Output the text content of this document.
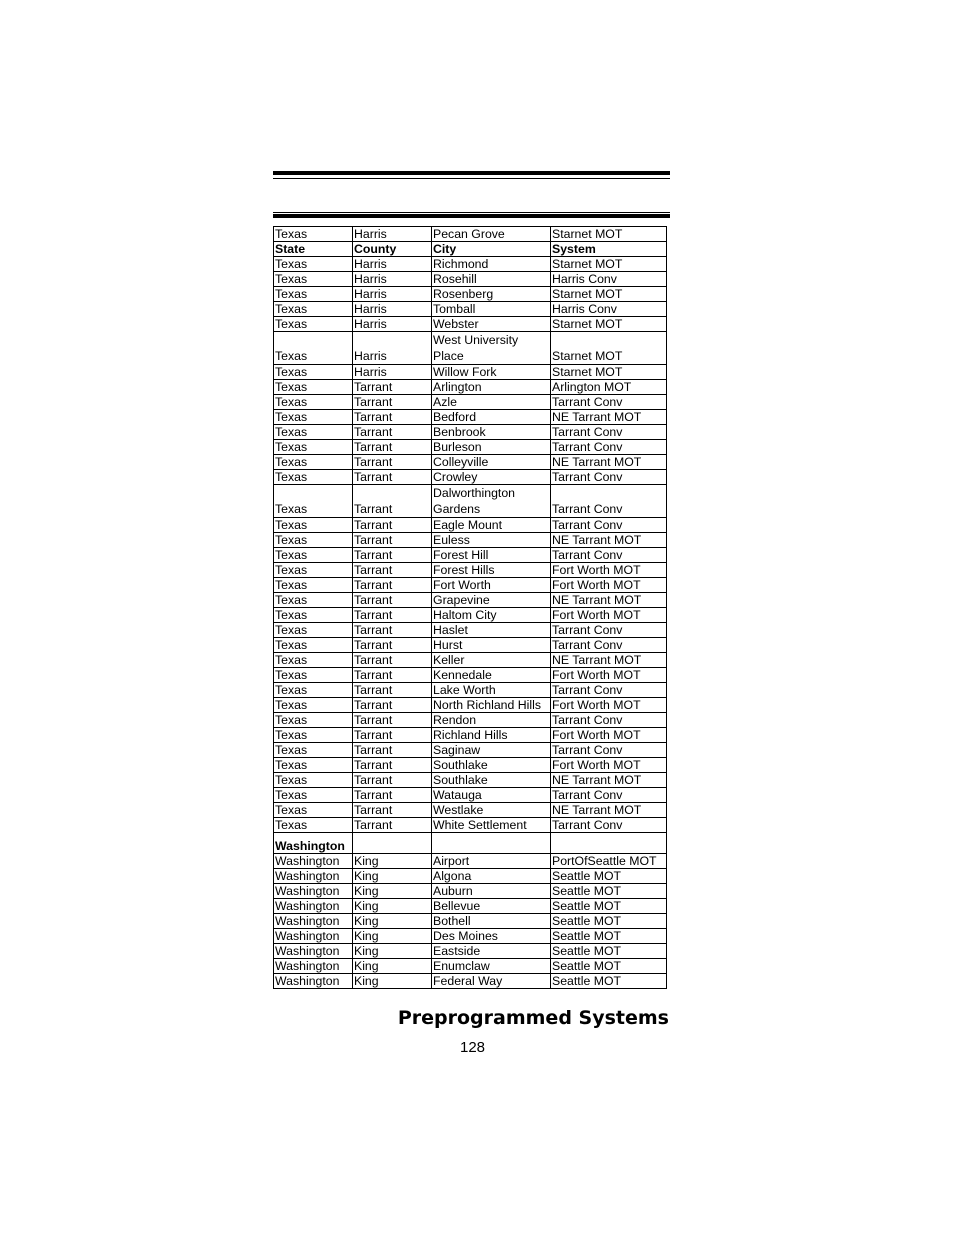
Texas	Harris	Pecan Grove	Starnet MOT
State	County	City	System
Texas	Harris	Richmond	Starnet MOT
Texas	Harris	Rosehill	Harris Conv
Texas	Harris	Rosenberg	Starnet MOT
Texas	Harris	Tomball	Harris Conv
Texas	Harris	Webster	Starnet MOT
Texas	Harris	West University Place	Starnet MOT
Texas	Harris	Willow Fork	Starnet MOT
Texas	Tarrant	Arlington	Arlington MOT
Texas	Tarrant	Azle	Tarrant Conv
Texas	Tarrant	Bedford	NE Tarrant MOT
Texas	Tarrant	Benbrook	Tarrant Conv
Texas	Tarrant	Burleson	Tarrant Conv
Texas	Tarrant	Colleyville	NE Tarrant MOT
Texas	Tarrant	Crowley	Tarrant Conv
Texas	Tarrant	Dalworthington Gardens	Tarrant Conv
Texas	Tarrant	Eagle Mount	Tarrant Conv
Texas	Tarrant	Euless	NE Tarrant MOT
Texas	Tarrant	Forest Hill	Tarrant Conv
Texas	Tarrant	Forest Hills	Fort Worth MOT
Texas	Tarrant	Fort Worth	Fort Worth MOT
Texas	Tarrant	Grapevine	NE Tarrant MOT
Texas	Tarrant	Haltom City	Fort Worth MOT
Texas	Tarrant	Haslet	Tarrant Conv
Texas	Tarrant	Hurst	Tarrant Conv
Texas	Tarrant	Keller	NE Tarrant MOT
Texas	Tarrant	Kennedale	Fort Worth MOT
Texas	Tarrant	Lake Worth	Tarrant Conv
Texas	Tarrant	North Richland Hills	Fort Worth MOT
Texas	Tarrant	Rendon	Tarrant Conv
Texas	Tarrant	Richland Hills	Fort Worth MOT
Texas	Tarrant	Saginaw	Tarrant Conv
Texas	Tarrant	Southlake	Fort Worth MOT
Texas	Tarrant	Southlake	NE Tarrant MOT
Texas	Tarrant	Watauga	Tarrant Conv
Texas	Tarrant	Westlake	NE Tarrant MOT
Texas	Tarrant	White Settlement	Tarrant Conv
Washington			
Washington	King	Airport	PortOfSeattle MOT
Washington	King	Algona	Seattle MOT
Washington	King	Auburn	Seattle MOT
Washington	King	Bellevue	Seattle MOT
Washington	King	Bothell	Seattle MOT
Washington	King	Des Moines	Seattle MOT
Washington	King	Eastside	Seattle MOT
Washington	King	Enumclaw	Seattle MOT
Washington	King	Federal Way	Seattle MOT
Preprogrammed Systems
128
